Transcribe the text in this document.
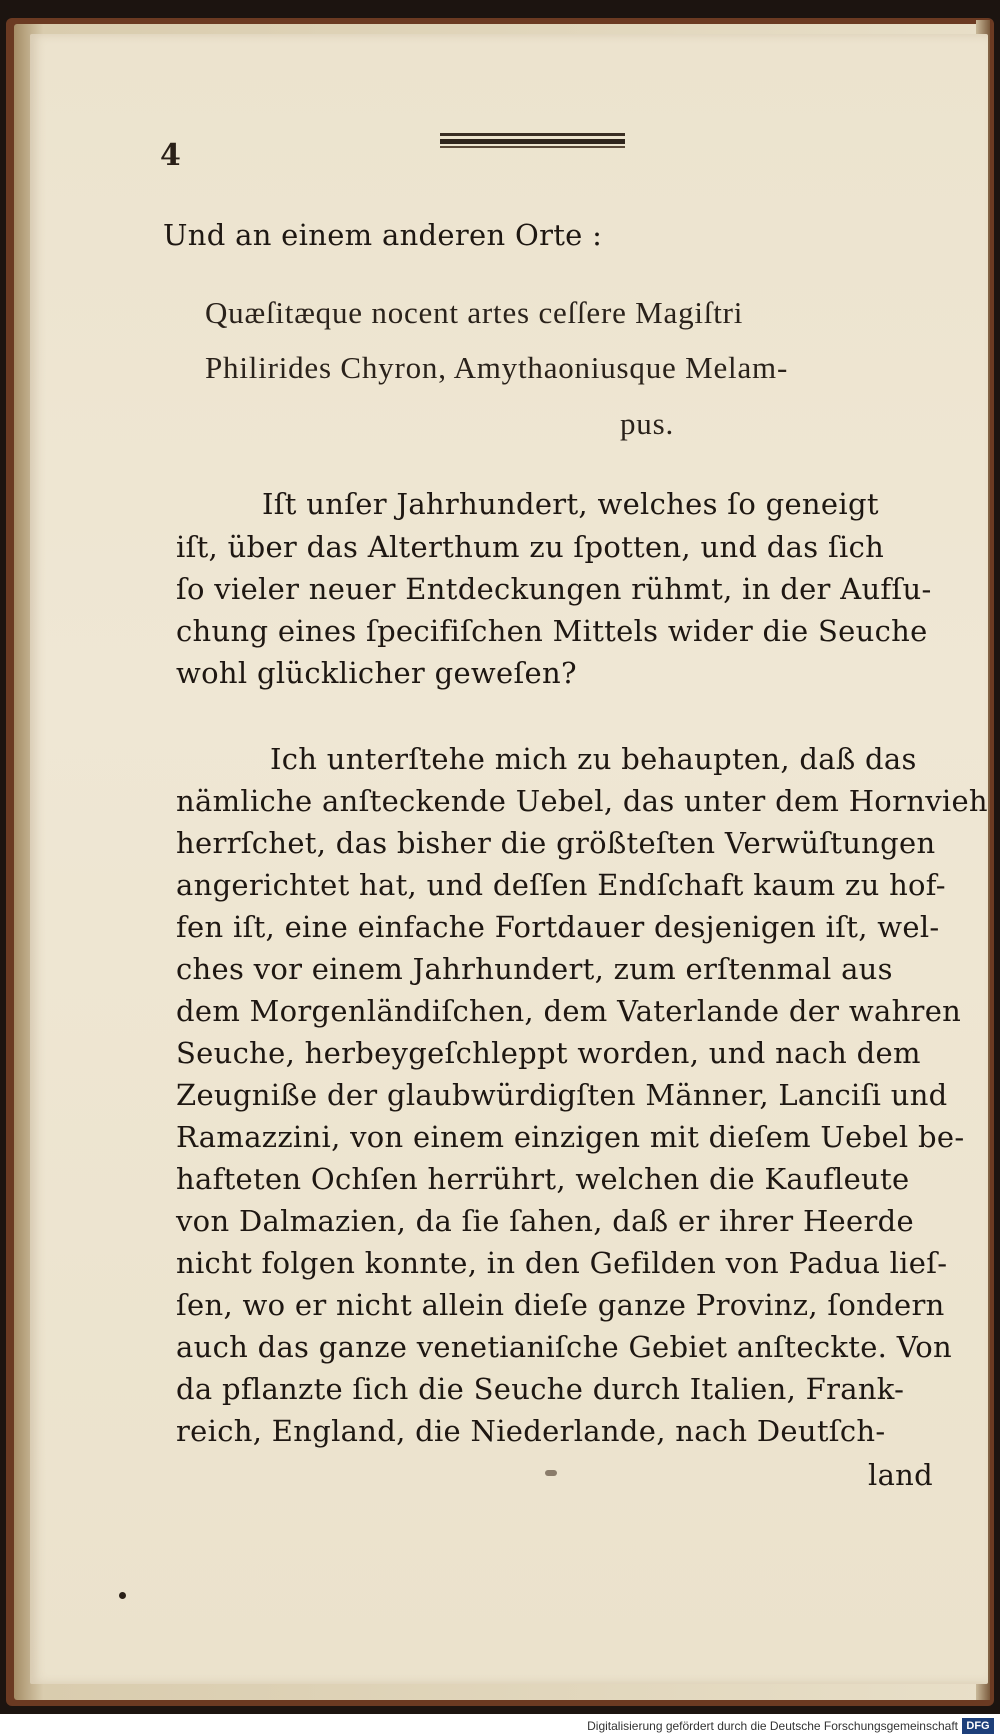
4
Und an einem anderen Orte :
Quæſitæque nocent artes ceſſere Magiſtri
Philirides Chyron, Amythaoniusque Melam-
pus.
Iſt unſer Jahrhundert, welches ſo geneigt
iſt, über das Alterthum zu ſpotten, und das ſich
ſo vieler neuer Entdeckungen rühmt, in der Aufſu-
chung eines ſpecifiſchen Mittels wider die Seuche
wohl glücklicher geweſen?
Ich unterſtehe mich zu behaupten, daß das
nämliche anſteckende Uebel, das unter dem Hornvieh
herrſchet, das bisher die größteſten Verwüſtungen
angerichtet hat, und deſſen Endſchaft kaum zu hof-
fen iſt, eine einfache Fortdauer desjenigen iſt, wel-
ches vor einem Jahrhundert, zum erſtenmal aus
dem Morgenländiſchen, dem Vaterlande der wahren
Seuche, herbeygeſchleppt worden, und nach dem
Zeugniße der glaubwürdigſten Männer, Lanciſi und
Ramazzini, von einem einzigen mit dieſem Uebel be-
hafteten Ochſen herrührt, welchen die Kaufleute
von Dalmazien, da ſie ſahen, daß er ihrer Heerde
nicht folgen konnte, in den Gefilden von Padua lieſ-
ſen, wo er nicht allein dieſe ganze Provinz, ſondern
auch das ganze venetianiſche Gebiet anſteckte. Von
da pflanzte ſich die Seuche durch Italien, Frank-
reich, England, die Niederlande, nach Deutſch-
land
Digitalisierung gefördert durch die Deutsche Forschungsgemeinschaft DFG
